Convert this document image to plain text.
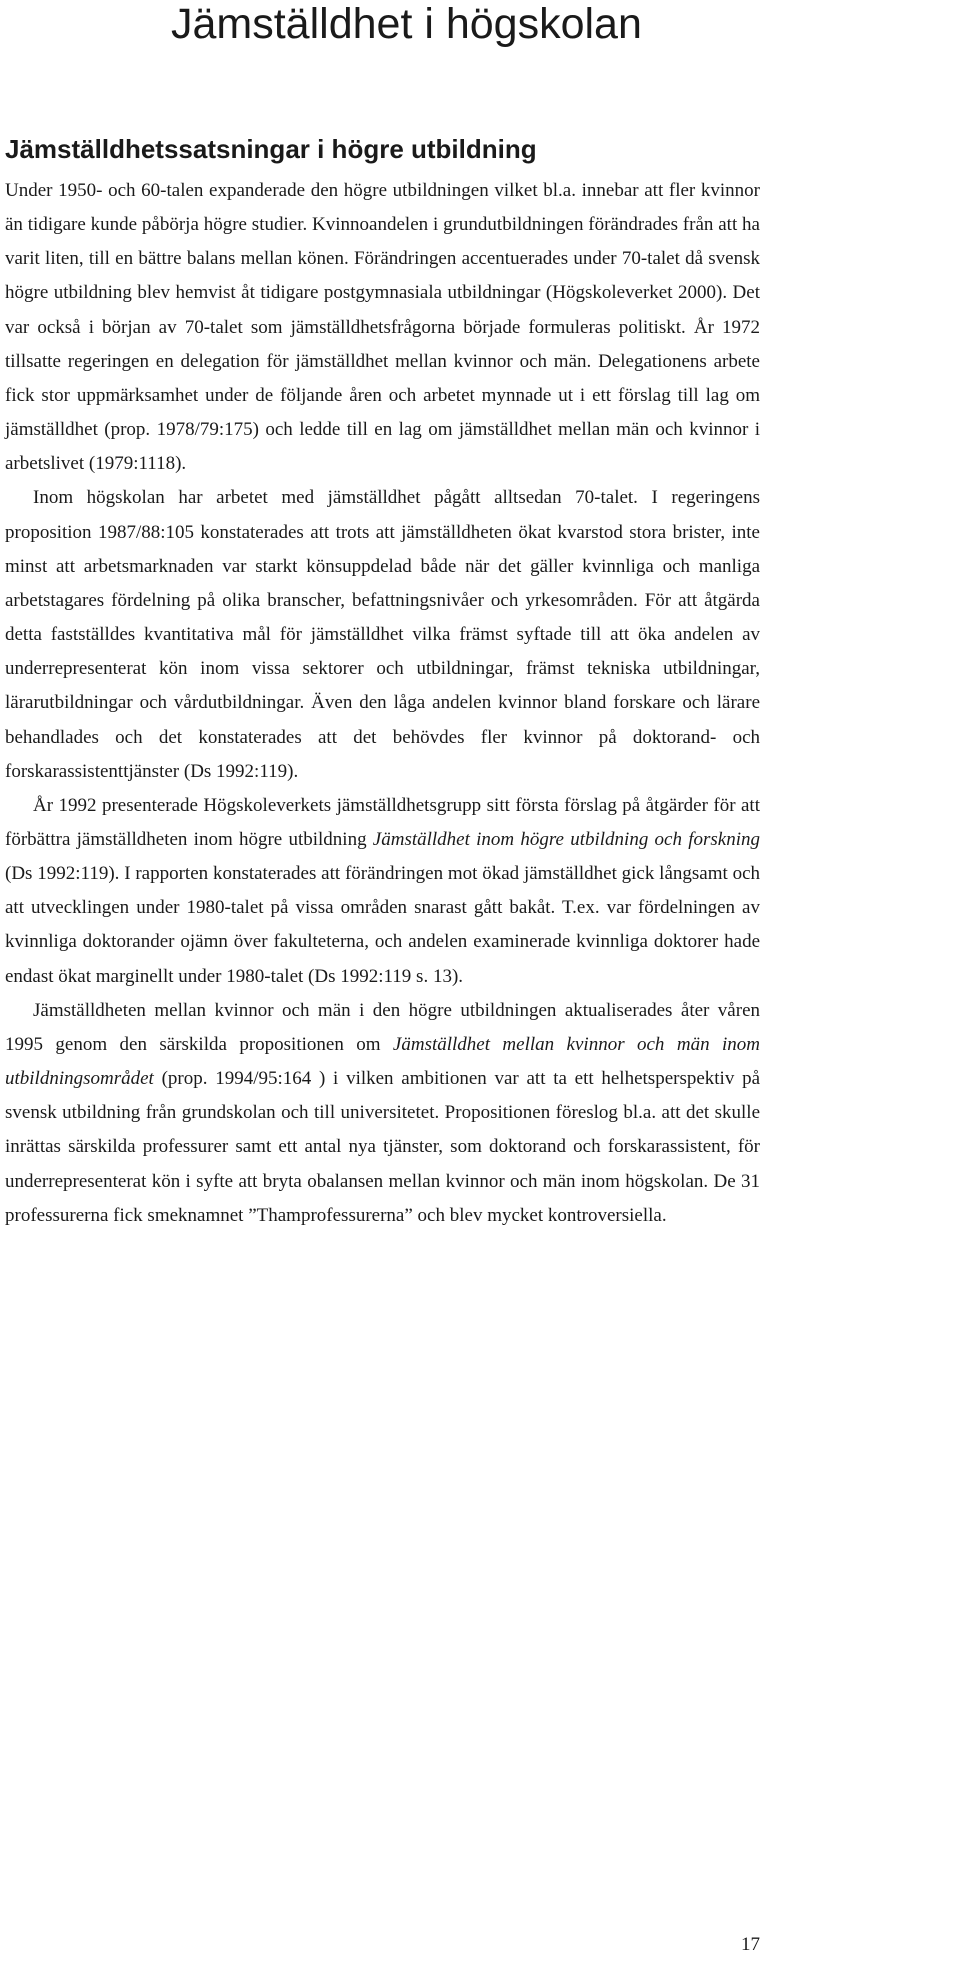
Jämställdhet i högskolan
Jämställdhetssatsningar i högre utbildning

Under 1950- och 60-talen expanderade den högre utbildningen vilket bl.a. innebar att fler kvinnor än tidigare kunde påbörja högre studier. Kvinnoandelen i grundutbildningen förändrades från att ha varit liten, till en bättre balans mellan könen. Förändringen accentuerades under 70-talet då svensk högre utbildning blev hemvist åt tidigare postgymnasiala utbildningar (Högskoleverket 2000). Det var också i början av 70-talet som jämställdhetsfrågorna började formuleras politiskt. År 1972 tillsatte regeringen en delegation för jämställdhet mellan kvinnor och män. Delegationens arbete fick stor uppmärksamhet under de följande åren och arbetet mynnade ut i ett förslag till lag om jämställdhet (prop. 1978/79:175) och ledde till en lag om jämställdhet mellan män och kvinnor i arbetslivet (1979:1118).

Inom högskolan har arbetet med jämställdhet pågått alltsedan 70-talet. I regeringens proposition 1987/88:105 konstaterades att trots att jämställdheten ökat kvarstod stora brister, inte minst att arbetsmarknaden var starkt könsuppdelad både när det gäller kvinnliga och manliga arbetstagares fördelning på olika branscher, befattningsnivåer och yrkesområden. För att åtgärda detta fastställdes kvantitativa mål för jämställdhet vilka främst syftade till att öka andelen av underrepresenterat kön inom vissa sektorer och utbildningar, främst tekniska utbildningar, lärarutbildningar och vårdutbildningar. Även den låga andelen kvinnor bland forskare och lärare behandlades och det konstaterades att det behövdes fler kvinnor på doktorand- och forskarassistenttjänster (Ds 1992:119).

År 1992 presenterade Högskoleverkets jämställdhetsgrupp sitt första förslag på åtgärder för att förbättra jämställdheten inom högre utbildning Jämställdhet inom högre utbildning och forskning (Ds 1992:119). I rapporten konstaterades att förändringen mot ökad jämställdhet gick långsamt och att utvecklingen under 1980-talet på vissa områden snarast gått bakåt. T.ex. var fördelningen av kvinnliga doktorander ojämn över fakulteterna, och andelen examinerade kvinnliga doktorer hade endast ökat marginellt under 1980-talet (Ds 1992:119 s. 13).

Jämställdheten mellan kvinnor och män i den högre utbildningen aktualiserades åter våren 1995 genom den särskilda propositionen om Jämställdhet mellan kvinnor och män inom utbildningsområdet (prop. 1994/95:164 ) i vilken ambitionen var att ta ett helhetsperspektiv på svensk utbildning från grundskolan och till universitetet. Propositionen föreslog bl.a. att det skulle inrättas särskilda professurer samt ett antal nya tjänster, som doktorand och forskarassistent, för underrepresenterat kön i syfte att bryta obalansen mellan kvinnor och män inom högskolan. De 31 professurerna fick smeknamnet ”Thamprofessurerna” och blev mycket kontroversiella.

17
